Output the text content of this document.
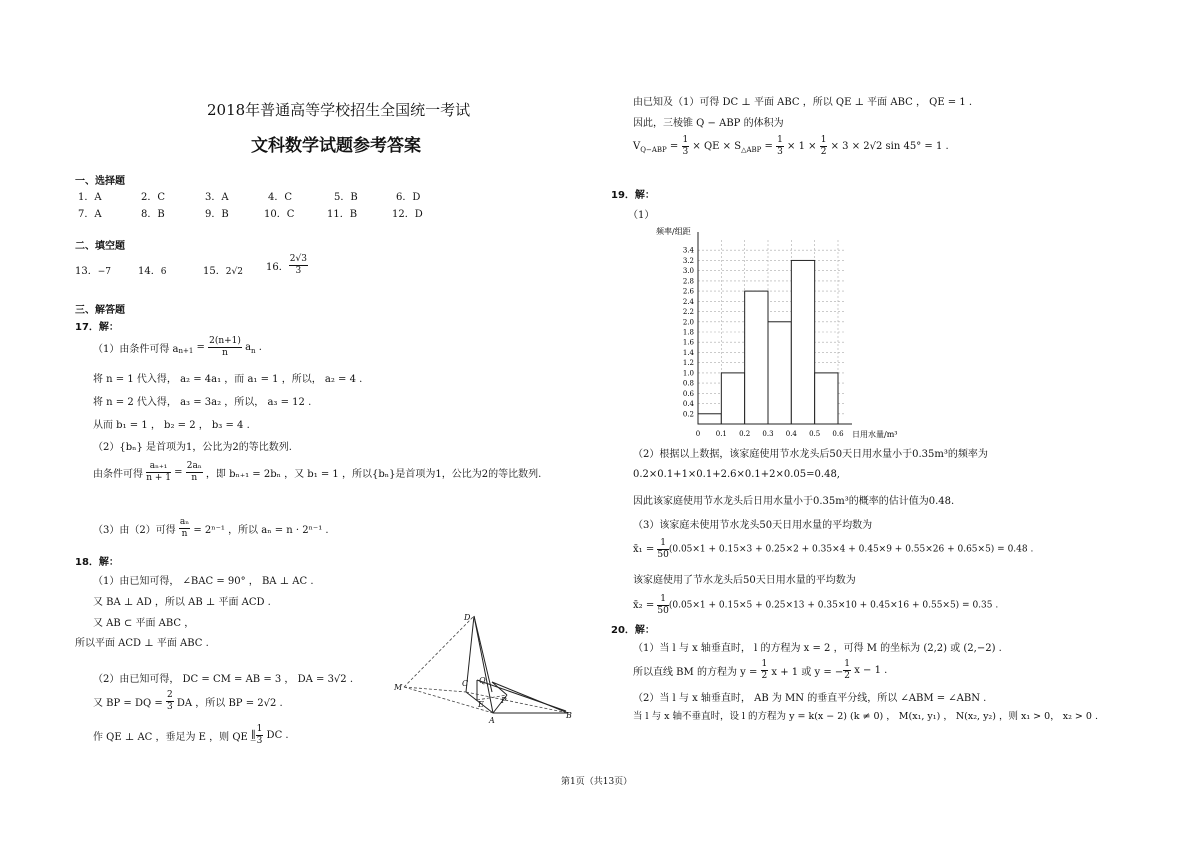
2018年普通高等学校招生全国统一考试
文科数学试题参考答案
一、选择题
1．A	2．C	3．A	4．C	5．B	6．D
7．A	8．B	9．B	10．C	11．B	12．D
二、填空题
13．−7	14．6	15．2√2 16． $\frac{2√3}{3}$
三、解答题
17．解：
（1）由条件可得 $a_{n+1} = \frac{2(n+1)}{n} a_n$ .
将 n = 1 代入得， a₂ = 4a₁ ，而 a₁ = 1 ，所以， a₂ = 4 .
将 n = 2 代入得， a₃ = 3a₂ ，所以， a₃ = 12 .
从而 b₁ = 1 ， b₂ = 2 ， b₃ = 4 .
（2）{bₙ} 是首项为1，公比为2的等比数列.
由条件可得 $\frac{\text{aₙ₊₁}}{n + 1} = \frac{\text{2aₙ}}{n}$ ，即 bₙ₊₁ = 2bₙ ，又 b₁ = 1 ，所以{bₙ}是首项为1，公比为2的等比数列.
（3）由（2）可得 $\frac{\text{aₙ}}{n} = 2^{n-1}$ ，所以 aₙ = n · 2ⁿ⁻¹ .
18．解：
（1）由已知可得， ∠BAC = 90° ， BA ⊥ AC .
又 BA ⊥ AD ，所以 AB ⊥ 平面 ACD .
又 AB ⊂ 平面 ABC ，
所以平面 ACD ⊥ 平面 ABC .
（2）由已知可得， DC = CM = AB = 3 ， DA = 3√2 .
又 BP = DQ = $\frac{2}{3}$ DA ，所以 BP = 2√2 .
作 QE ⊥ AC ，垂足为 E ，则 QE ∥̲ $\frac{1}{3}$ DC .
D
M	C Q
E P
A
B
由已知及（1）可得 DC ⊥ 平面 ABC ，所以 QE ⊥ 平面 ABC ， QE = 1 .
因此，三棱锥 Q − ABP 的体积为
$V_{Q-ABP} = \frac{1}{3}$ × QE × $S_{\triangle ABP} = \frac{1}{3} \times 1 \times \frac{1}{2} \times 3 \times 2√2$ sin 45° = 1 .
19．解：
（1）
频率/组距
0.2
0.4
0.6
0.8
1.0
1.2
1.4
1.6
1.8
2.0
2.2
2.4
2.6
2.8
3.0
3.2
3.4
0 0.1 0.2 0.3 0.4 0.5 0.6 日用水量/m³
（2）根据以上数据，该家庭使用节水龙头后50天日用水量小于0.35m³的频率为
0.2×0.1+1×0.1+2.6×0.1+2×0.05=0.48,
因此该家庭使用节水龙头后日用水量小于0.35m³的概率的估计值为0.48.
（3）该家庭未使用节水龙头50天日用水量的平均数为
x̄₁ = $\frac{1}{50} (0.05\times 1 + 0.15\times 3 + 0.25\times 2 + 0.35\times 4 + 0.45\times 9 + 0.55\times 26 + 0.65\times 5) = 0.48$ .
该家庭使用了节水龙头后50天日用水量的平均数为
x̄₂ = $\frac{1}{50} (0.05\times 1 + 0.15\times 5 + 0.25\times 13 + 0.35\times 10 + 0.45\times 16 + 0.55\times 5) = 0.35$ .
20．解：
（1）当 l 与 x 轴垂直时， l 的方程为 x = 2 ，可得 M 的坐标为 (2,2) 或 (2,−2) .
所以直线 BM 的方程为 $y = \frac{1}{2}$ x + 1 或 y = − $\frac{1}{2}$ x − 1 .
（2）当 l 与 x 轴垂直时， AB 为 MN 的垂直平分线，所以 ∠ABM = ∠ABN .
当 l 与 x 轴不垂直时，设 l 的方程为 y = k(x − 2) (k ≠ 0) ， M(x₁, y₁) ， N(x₂, y₂) ，则 x₁ > 0， x₂ > 0 .
第1页（共13页）
